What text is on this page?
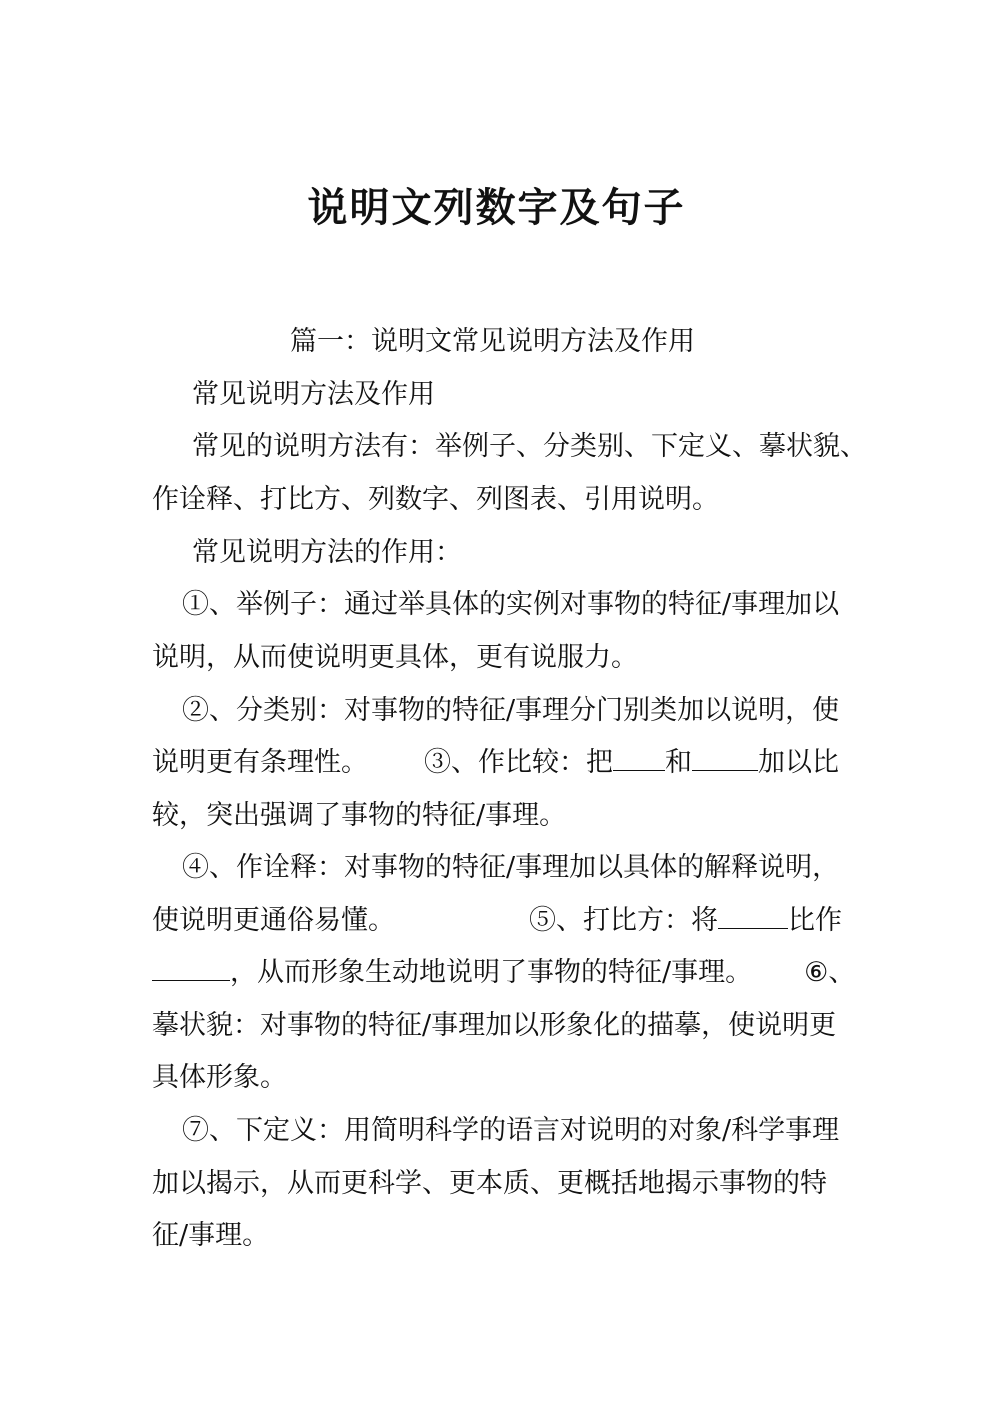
说明文列数字及句子
篇一：说明文常见说明方法及作用
常见说明方法及作用
常见的说明方法有：举例子、分类别、下定义、摹状貌、
作诠释、打比方、列数字、列图表、引用说明。
常见说明方法的作用：
①、举例子：通过举具体的实例对事物的特征/事理加以
说明，从而使说明更具体，更有说服力。
②、分类别：对事物的特征/事理分门别类加以说明，使
说明更有条理性。 ③、作比较：把 和 加以比
较，突出强调了事物的特征/事理。
④、作诠释：对事物的特征/事理加以具体的解释说明，
使说明更通俗易懂。	⑤、打比方：将	比作
，从而形象生动地说明了事物的特征/事理。 ⑥、
摹状貌：对事物的特征/事理加以形象化的描摹，使说明更
具体形象。
⑦、下定义：用简明科学的语言对说明的对象/科学事理
加以揭示，从而更科学、更本质、更概括地揭示事物的特
征/事理。
